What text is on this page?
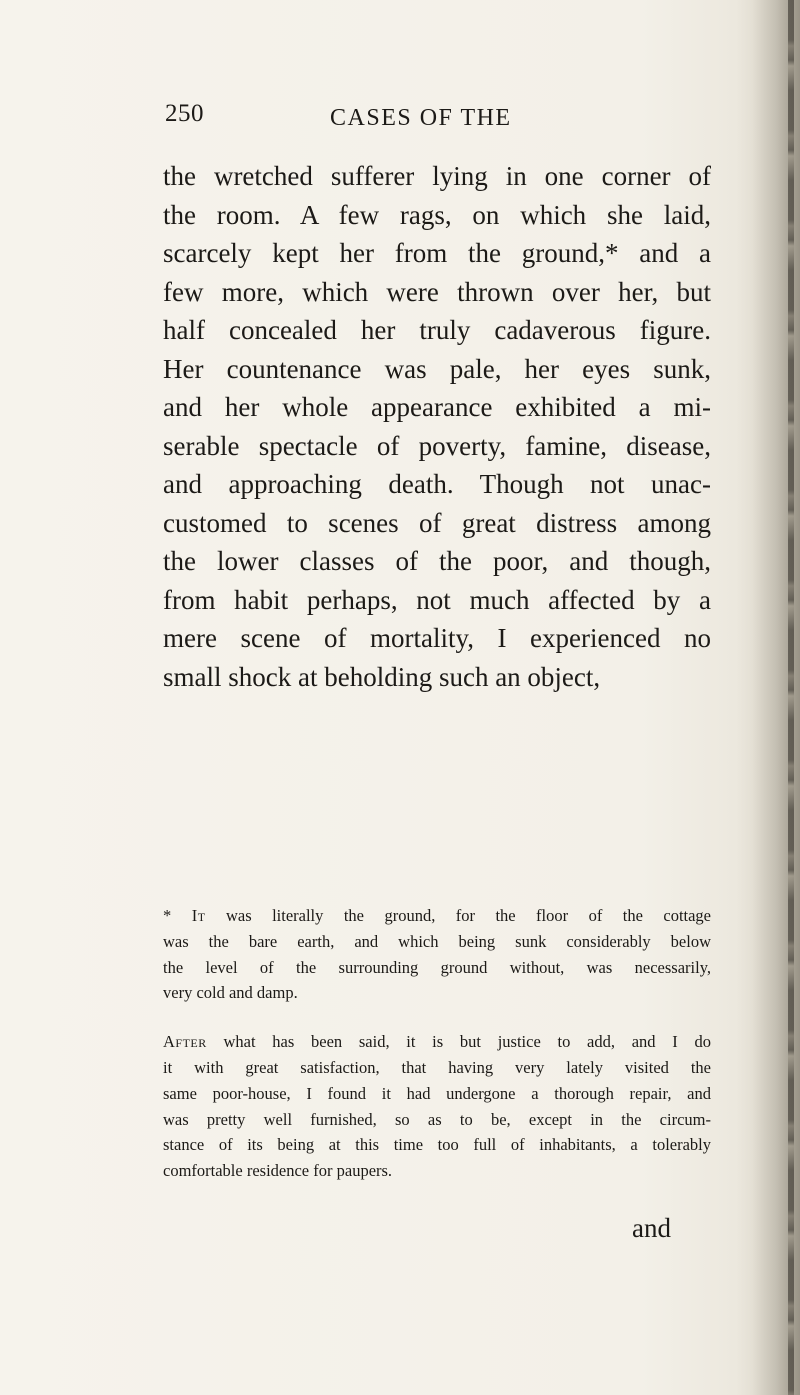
250	CASES OF THE
the wretched sufferer lying in one corner of
the room. A few rags, on which she laid,
scarcely kept her from the ground,* and a
few more, which were thrown over her, but
half concealed her truly cadaverous figure.
Her countenance was pale, her eyes sunk,
and her whole appearance exhibited a mi-
serable spectacle of poverty, famine, disease,
and approaching death. Though not unac-
customed to scenes of great distress among
the lower classes of the poor, and though,
from habit perhaps, not much affected by a
mere scene of mortality, I experienced no
small shock at beholding such an object,
* It was literally the ground, for the floor of the cottage
was the bare earth, and which being sunk considerably below
the level of the surrounding ground without, was necessarily,
very cold and damp.
After what has been said, it is but justice to add, and I do
it with great satisfaction, that having very lately visited the
same poor-house, I found it had undergone a thorough repair, and
was pretty well furnished, so as to be, except in the circum-
stance of its being at this time too full of inhabitants, a tolerably
comfortable residence for paupers.
and
